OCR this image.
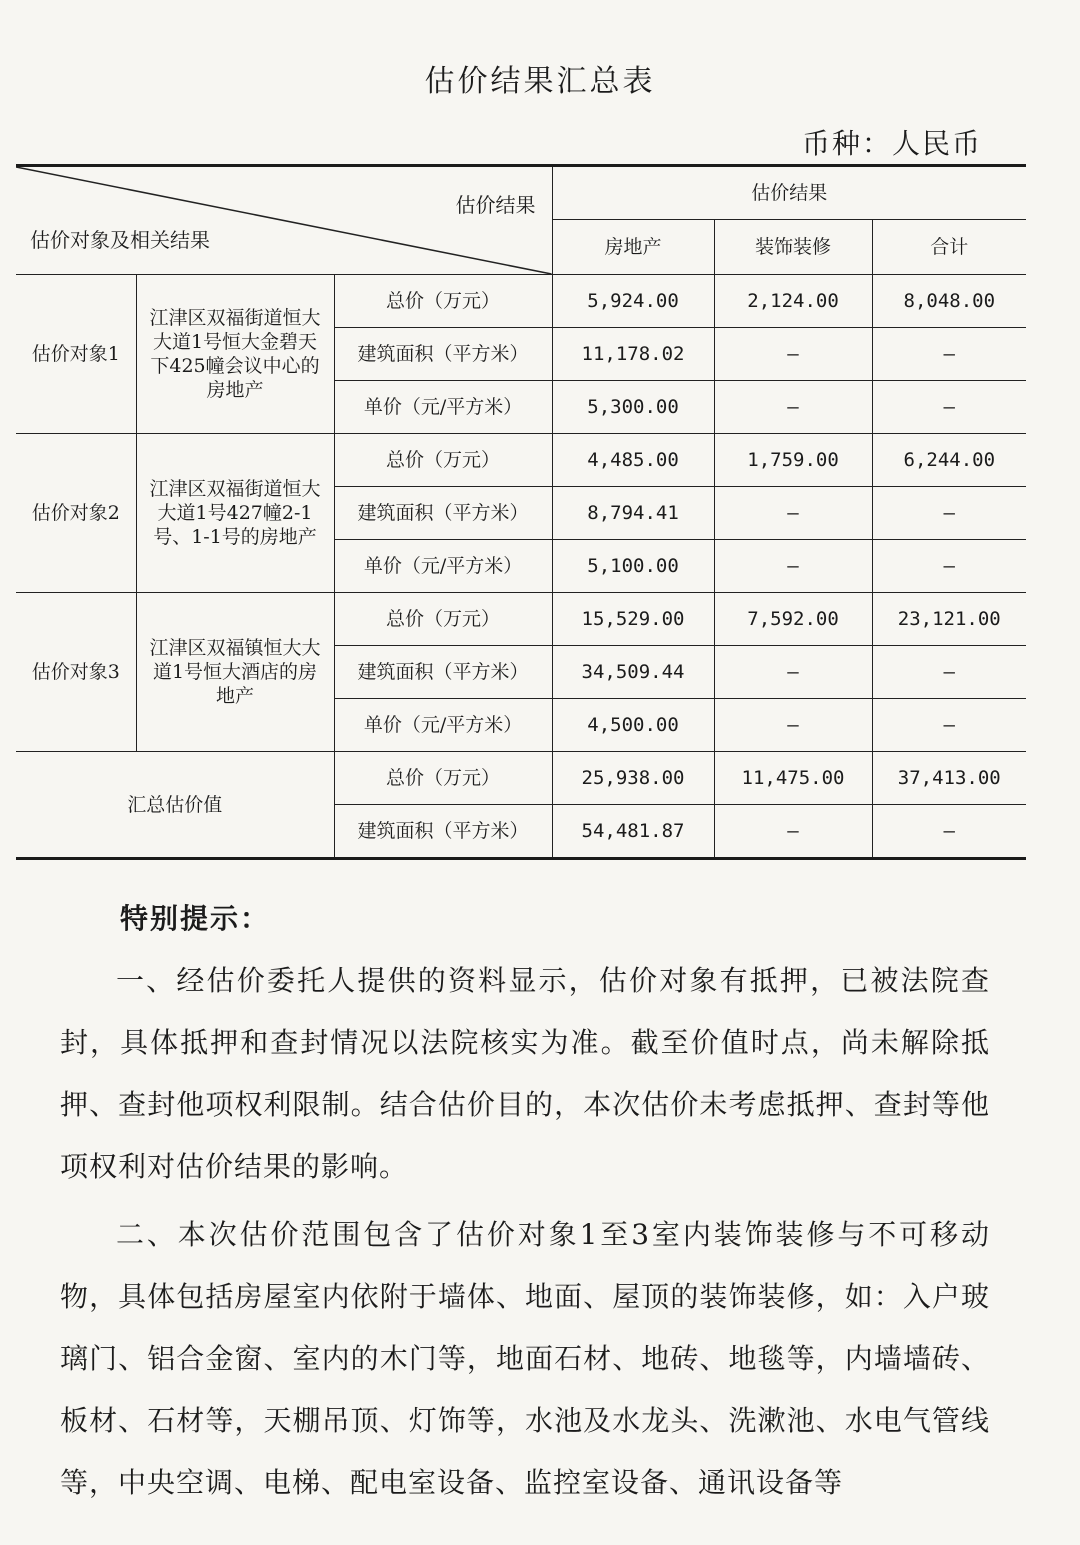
估价结果汇总表
币种：人民币
估价结果
估价对象及相关结果			估价结果		
			房地产	装饰装修	合计
估价对象1	江津区双福街道恒大大道1号恒大金碧天下425幢会议中心的房地产	总价（万元）	5,924.00	2,124.00	8,048.00
		建筑面积（平方米）	11,178.02	—	—
		单价（元/平方米）	5,300.00	—	—
估价对象2	江津区双福街道恒大大道1号427幢2-1号、1-1号的房地产	总价（万元）	4,485.00	1,759.00	6,244.00
		建筑面积（平方米）	8,794.41	—	—
		单价（元/平方米）	5,100.00	—	—
估价对象3	江津区双福镇恒大大道1号恒大酒店的房地产	总价（万元）	15,529.00	7,592.00	23,121.00
		建筑面积（平方米）	34,509.44	—	—
		单价（元/平方米）	4,500.00	—	—
汇总估价值		总价（万元）	25,938.00	11,475.00	37,413.00
		建筑面积（平方米）	54,481.87	—	—
特别提示：

一、经估价委托人提供的资料显示，估价对象有抵押，已被法院查封，具体抵押和查封情况以法院核实为准。截至价值时点，尚未解除抵押、查封他项权利限制。结合估价目的，本次估价未考虑抵押、查封等他项权利对估价结果的影响。

二、本次估价范围包含了估价对象1至3室内装饰装修与不可移动物，具体包括房屋室内依附于墙体、地面、屋顶的装饰装修，如：入户玻璃门、铝合金窗、室内的木门等，地面石材、地砖、地毯等，内墙墙砖、板材、石材等，天棚吊顶、灯饰等，水池及水龙头、洗漱池、水电气管线等，中央空调、电梯、配电室设备、监控室设备、通讯设备等
